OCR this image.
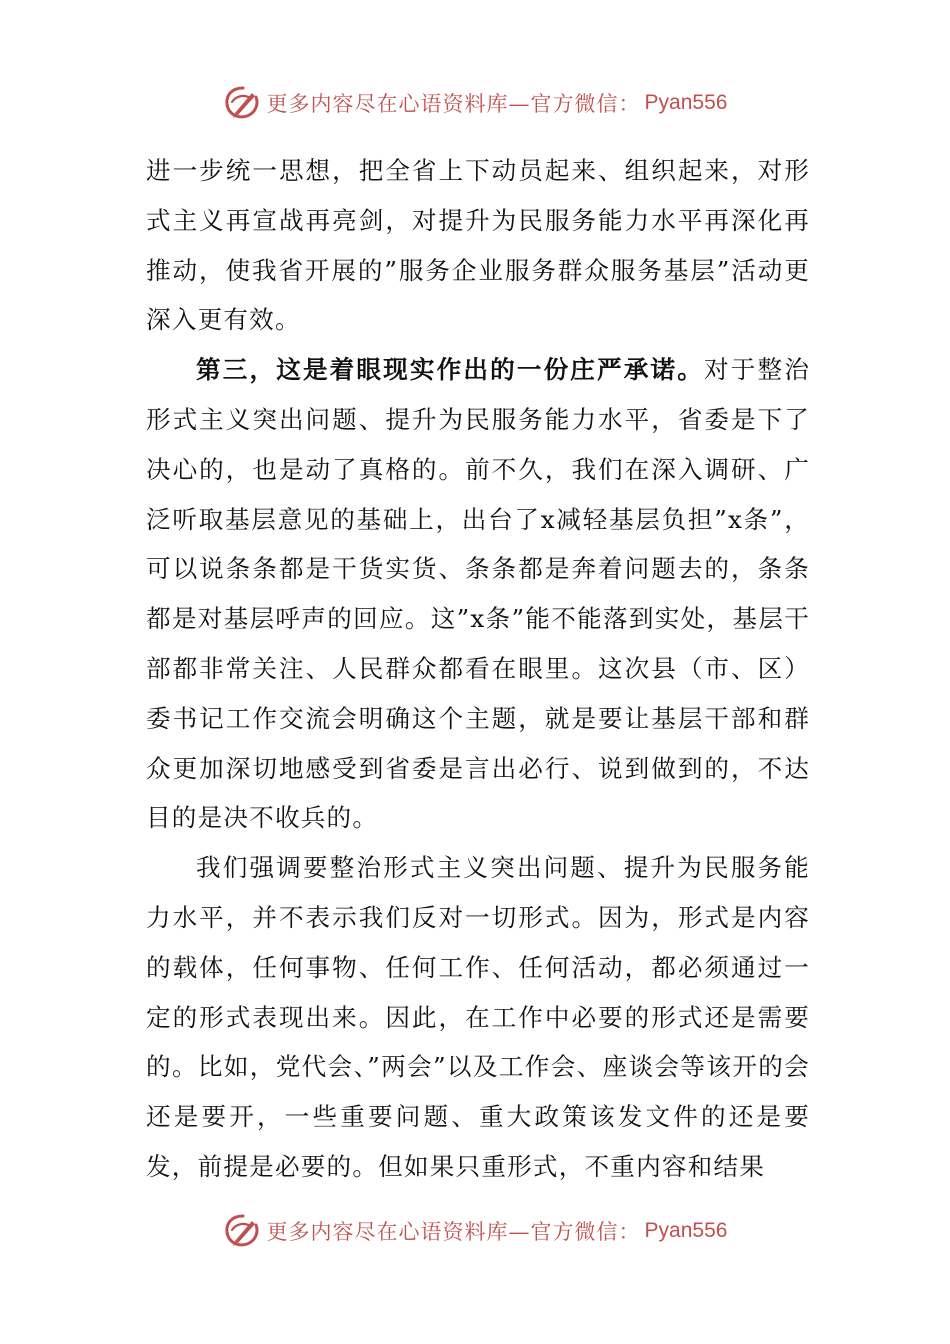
更多内容尽在心语资料库—官方微信： Pyan556

进一步统一思想，把全省上下动员起来、组织起来，对形式主义再宣战再亮剑，对提升为民服务能力水平再深化再推动，使我省开展的”服务企业服务群众服务基层”活动更深入更有效。

第三，这是着眼现实作出的一份庄严承诺。对于整治形式主义突出问题、提升为民服务能力水平，省委是下了决心的，也是动了真格的。前不久，我们在深入调研、广泛听取基层意见的基础上，出台了x减轻基层负担”x条”，可以说条条都是干货实货、条条都是奔着问题去的，条条都是对基层呼声的回应。这”x条”能不能落到实处，基层干部都非常关注、人民群众都看在眼里。这次县（市、区）委书记工作交流会明确这个主题，就是要让基层干部和群众更加深切地感受到省委是言出必行、说到做到的，不达目的是决不收兵的。

我们强调要整治形式主义突出问题、提升为民服务能力水平，并不表示我们反对一切形式。因为，形式是内容的载体，任何事物、任何工作、任何活动，都必须通过一定的形式表现出来。因此，在工作中必要的形式还是需要的。比如，党代会、”两会”以及工作会、座谈会等该开的会还是要开，一些重要问题、重大政策该发文件的还是要发，前提是必要的。但如果只重形式，不重内容和结果

更多内容尽在心语资料库—官方微信： Pyan556
